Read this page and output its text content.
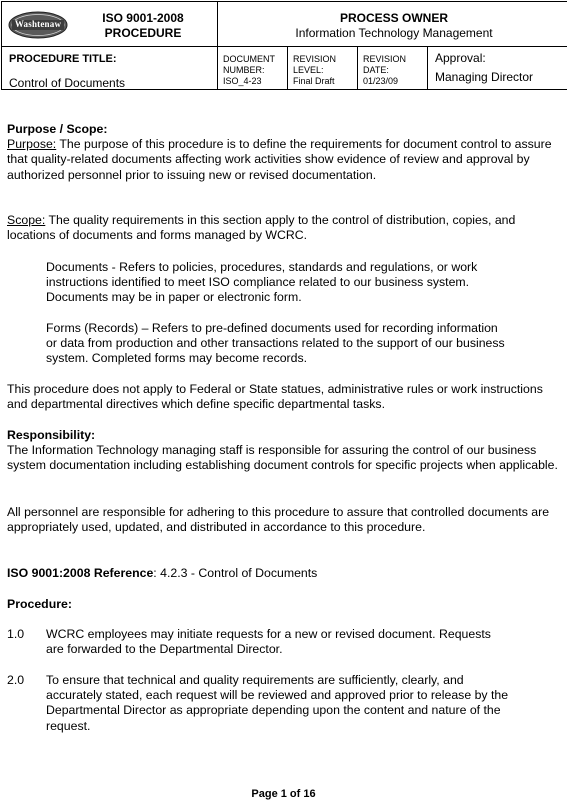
Washtenaw	ISO 9001-2008
PROCEDURE
PROCESS OWNER
Information Technology Management
PROCEDURE TITLE:
Control of Documents
DOCUMENT
NUMBER:
ISO_4-23
REVISION
LEVEL:
Final Draft
REVISION
DATE:
01/23/09
Approval:
Managing Director

Purpose / Scope:

Purpose: The purpose of this procedure is to define the requirements for document control to assure that quality-related documents affecting work activities show evidence of review and approval by authorized personnel prior to issuing new or revised documentation.

Scope: The quality requirements in this section apply to the control of distribution, copies, and locations of documents and forms managed by WCRC.

Documents - Refers to policies, procedures, standards and regulations, or work instructions identified to meet ISO compliance related to our business system. Documents may be in paper or electronic form.
Forms (Records) – Refers to pre-defined documents used for recording information or data from production and other transactions related to the support of our business system. Completed forms may become records.
This procedure does not apply to Federal or State statues, administrative rules or work instructions and departmental directives which define specific departmental tasks.

Responsibility:

The Information Technology managing staff is responsible for assuring the control of our business system documentation including establishing document controls for specific projects when applicable.

All personnel are responsible for adhering to this procedure to assure that controlled documents are appropriately used, updated, and distributed in accordance to this procedure.

ISO 9001:2008 Reference: 4.2.3 - Control of Documents

Procedure:

1.0 WCRC employees may initiate requests for a new or revised document. Requests are forwarded to the Departmental Director.
2.0 To ensure that technical and quality requirements are sufficiently, clearly, and accurately stated, each request will be reviewed and approved prior to release by the Departmental Director as appropriate depending upon the content and nature of the request.
Page 1 of 16
